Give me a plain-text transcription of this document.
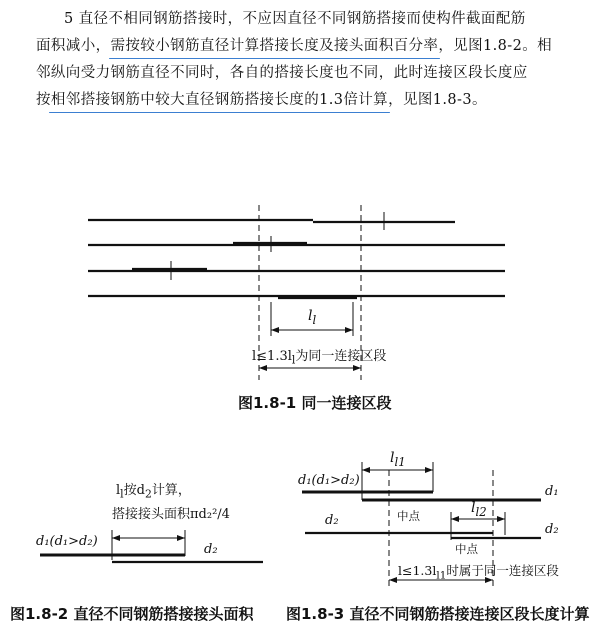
5 直径不相同钢筋搭接时，不应因直径不同钢筋搭接而使构件截面配筋
面积减小，需按较小钢筋直径计算搭接长度及接头面积百分率，见图1.8-2。相
邻纵向受力钢筋直径不同时，各自的搭接长度也不同，此时连接区段长度应
按相邻搭接钢筋中较大直径钢筋搭接长度的1.3倍计算，见图1.8-3。
$l_l$
$l\le 1.3l_l$为同一连接区段
图1.8-1 同一连接区段
$l_l$按$d_2$计算，
搭接接头面积πd₂²/4
d₁(d₁>d₂)
d₂
图1.8-2 直径不同钢筋搭接接头面积
$l_{l1}$
d₁(d₁>d₂)
d₁
中点	$l_{l2}$
d₂
d₂
中点
$l\le 1.3l_{l1}$时属于同一连接区段
图1.8-3 直径不同钢筋搭接连接区段长度计算
